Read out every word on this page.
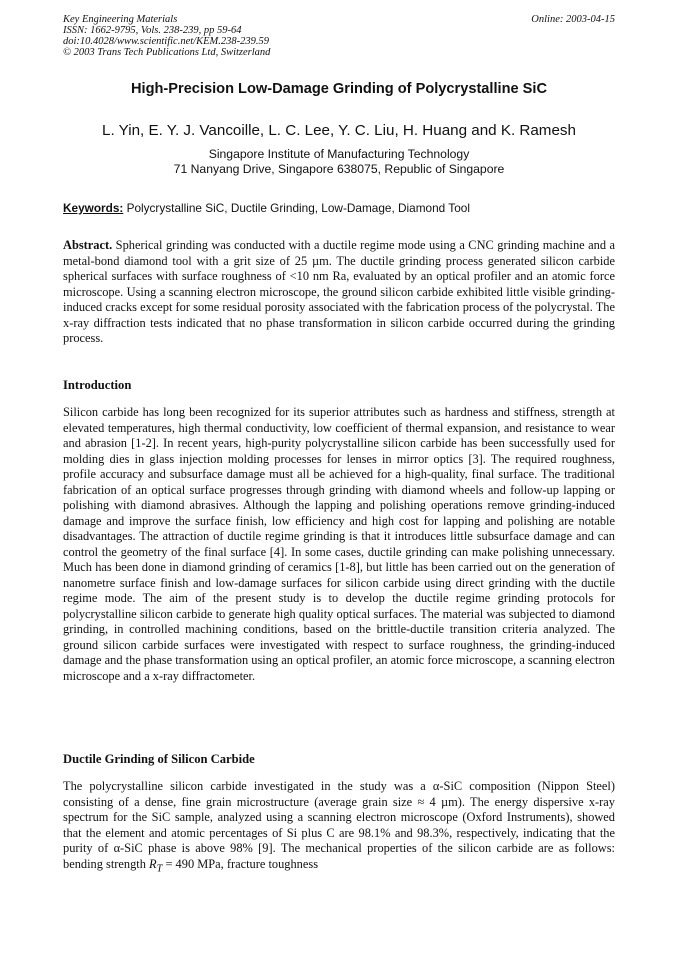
Key Engineering Materials
ISSN: 1662-9795, Vols. 238-239, pp 59-64
doi:10.4028/www.scientific.net/KEM.238-239.59
© 2003 Trans Tech Publications Ltd, Switzerland
Online: 2003-04-15
High-Precision Low-Damage Grinding of Polycrystalline SiC
L. Yin, E. Y. J. Vancoille, L. C. Lee, Y. C. Liu, H. Huang and K. Ramesh
Singapore Institute of Manufacturing Technology
71 Nanyang Drive, Singapore 638075, Republic of Singapore
Keywords: Polycrystalline SiC, Ductile Grinding, Low-Damage, Diamond Tool

Abstract. Spherical grinding was conducted with a ductile regime mode using a CNC grinding machine and a metal-bond diamond tool with a grit size of 25 µm. The ductile grinding process generated silicon carbide spherical surfaces with surface roughness of <10 nm Ra, evaluated by an optical profiler and an atomic force microscope. Using a scanning electron microscope, the ground silicon carbide exhibited little visible grinding-induced cracks except for some residual porosity associated with the fabrication process of the polycrystal. The x-ray diffraction tests indicated that no phase transformation in silicon carbide occurred during the grinding process.

Introduction

Silicon carbide has long been recognized for its superior attributes such as hardness and stiffness, strength at elevated temperatures, high thermal conductivity, low coefficient of thermal expansion, and resistance to wear and abrasion [1-2]. In recent years, high-purity polycrystalline silicon carbide has been successfully used for molding dies in glass injection molding processes for lenses in mirror optics [3]. The required roughness, profile accuracy and subsurface damage must all be achieved for a high-quality, final surface. The traditional fabrication of an optical surface progresses through grinding with diamond wheels and follow-up lapping or polishing with diamond abrasives. Although the lapping and polishing operations remove grinding-induced damage and improve the surface finish, low efficiency and high cost for lapping and polishing are notable disadvantages. The attraction of ductile regime grinding is that it introduces little subsurface damage and can control the geometry of the final surface [4]. In some cases, ductile grinding can make polishing unnecessary. Much has been done in diamond grinding of ceramics [1-8], but little has been carried out on the generation of nanometre surface finish and low-damage surfaces for silicon carbide using direct grinding with the ductile regime mode. The aim of the present study is to develop the ductile regime grinding protocols for polycrystalline silicon carbide to generate high quality optical surfaces. The material was subjected to diamond grinding, in controlled machining conditions, based on the brittle-ductile transition criteria analyzed. The ground silicon carbide surfaces were investigated with respect to surface roughness, the grinding-induced damage and the phase transformation using an optical profiler, an atomic force microscope, a scanning electron microscope and a x-ray diffractometer.

Ductile Grinding of Silicon Carbide

The polycrystalline silicon carbide investigated in the study was a α-SiC composition (Nippon Steel) consisting of a dense, fine grain microstructure (average grain size ≈ 4 µm). The energy dispersive x-ray spectrum for the SiC sample, analyzed using a scanning electron microscope (Oxford Instruments), showed that the element and atomic percentages of Si plus C are 98.1% and 98.3%, respectively, indicating that the purity of α-SiC phase is above 98% [9]. The mechanical properties of the silicon carbide are as follows: bending strength $R_T = 490$ MPa, fracture toughness
